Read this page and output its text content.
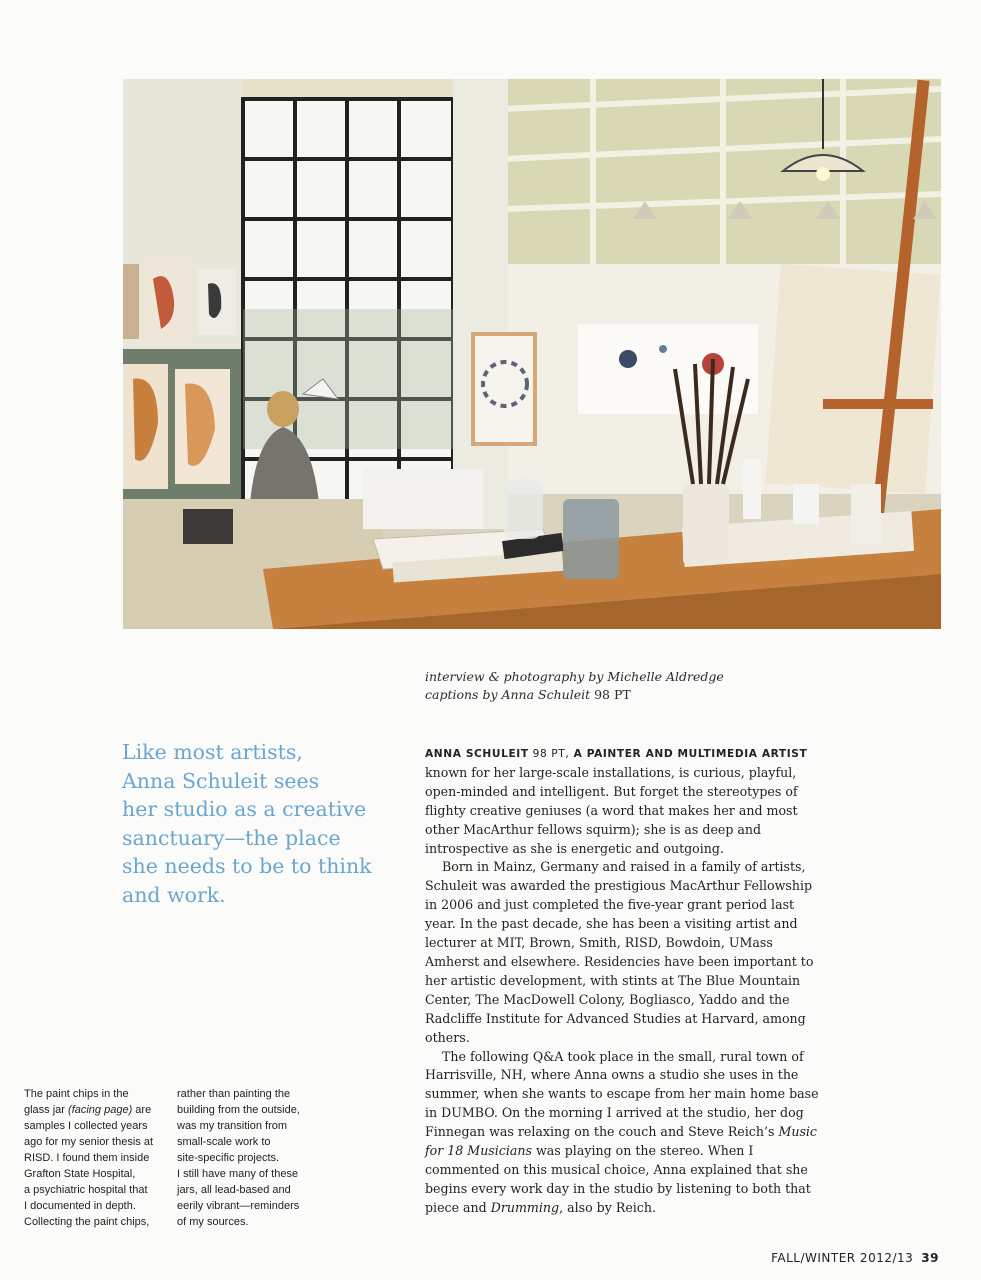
interview & photography by Michelle Aldredge
captions by Anna Schuleit 98 PT
Like most artists,
Anna Schuleit sees
her studio as a creative
sanctuary—the place
she needs to be to think
and work.

ANNA SCHULEIT 98 PT, A PAINTER AND MULTIMEDIA ARTIST
known for her large-scale installations, is curious, playful, open-minded and intelligent. But forget the stereotypes of flighty creative geniuses (a word that makes her and most other MacArthur fellows squirm); she is as deep and introspective as she is energetic and outgoing.

Born in Mainz, Germany and raised in a family of artists, Schuleit was awarded the prestigious MacArthur Fellowship in 2006 and just completed the five-year grant period last year. In the past decade, she has been a visiting artist and lecturer at MIT, Brown, Smith, RISD, Bowdoin, UMass Amherst and elsewhere. Residencies have been important to her artistic development, with stints at The Blue Mountain Center, The MacDowell Colony, Bogliasco, Yaddo and the Radcliffe Institute for Advanced Studies at Harvard, among others.

The following Q&A took place in the small, rural town of Harrisville, NH, where Anna owns a studio she uses in the summer, when she wants to escape from her main home base in DUMBO. On the morning I arrived at the studio, her dog Finnegan was relaxing on the couch and Steve Reich’s Music for 18 Musicians was playing on the stereo. When I commented on this musical choice, Anna explained that she begins every work day in the studio by listening to both that piece and Drumming, also by Reich.

The paint chips in the
glass jar (facing page) are
samples I collected years
ago for my senior thesis at
RISD. I found them inside
Grafton State Hospital,
a psychiatric hospital that
I documented in depth.
Collecting the paint chips,
rather than painting the
building from the outside,
was my transition from
small-scale work to
site-specific projects.
I still have many of these
jars, all lead-based and
eerily vibrant—reminders
of my sources.
FALL/WINTER 2012/13 39
